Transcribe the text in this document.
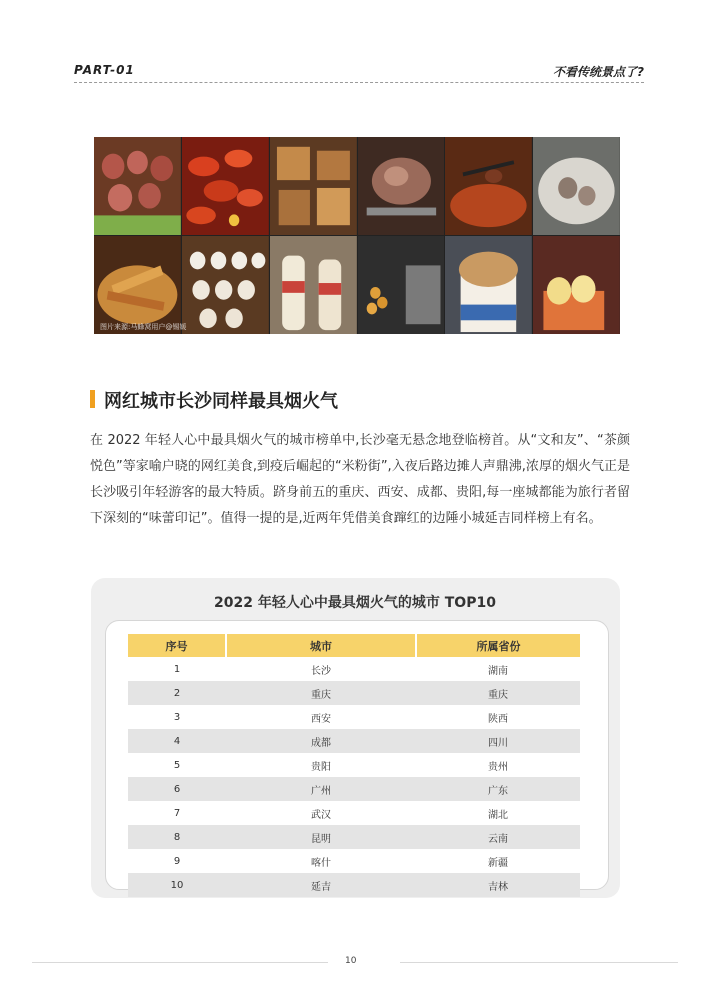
PART-01	不看传统景点了?
图片来源:马蜂窝用户@锡媛
网红城市长沙同样最具烟火气
在 2022 年轻人心中最具烟火气的城市榜单中,长沙毫无悬念地登临榜首。从“文和友”、“茶颜悦色”等家喻户晓的网红美食,到疫后崛起的“米粉街”,入夜后路边摊人声鼎沸,浓厚的烟火气正是长沙吸引年轻游客的最大特质。跻身前五的重庆、西安、成都、贵阳,每一座城都能为旅行者留下深刻的“味蕾印记”。值得一提的是,近两年凭借美食蹿红的边陲小城延吉同样榜上有名。
2022 年轻人心中最具烟火气的城市 TOP10
序号	城市	所属省份
1	长沙	湖南
2	重庆	重庆
3	西安	陕西
4	成都	四川
5	贵阳	贵州
6	广州	广东
7	武汉	湖北
8	昆明	云南
9	喀什	新疆
10	延吉	吉林
10
